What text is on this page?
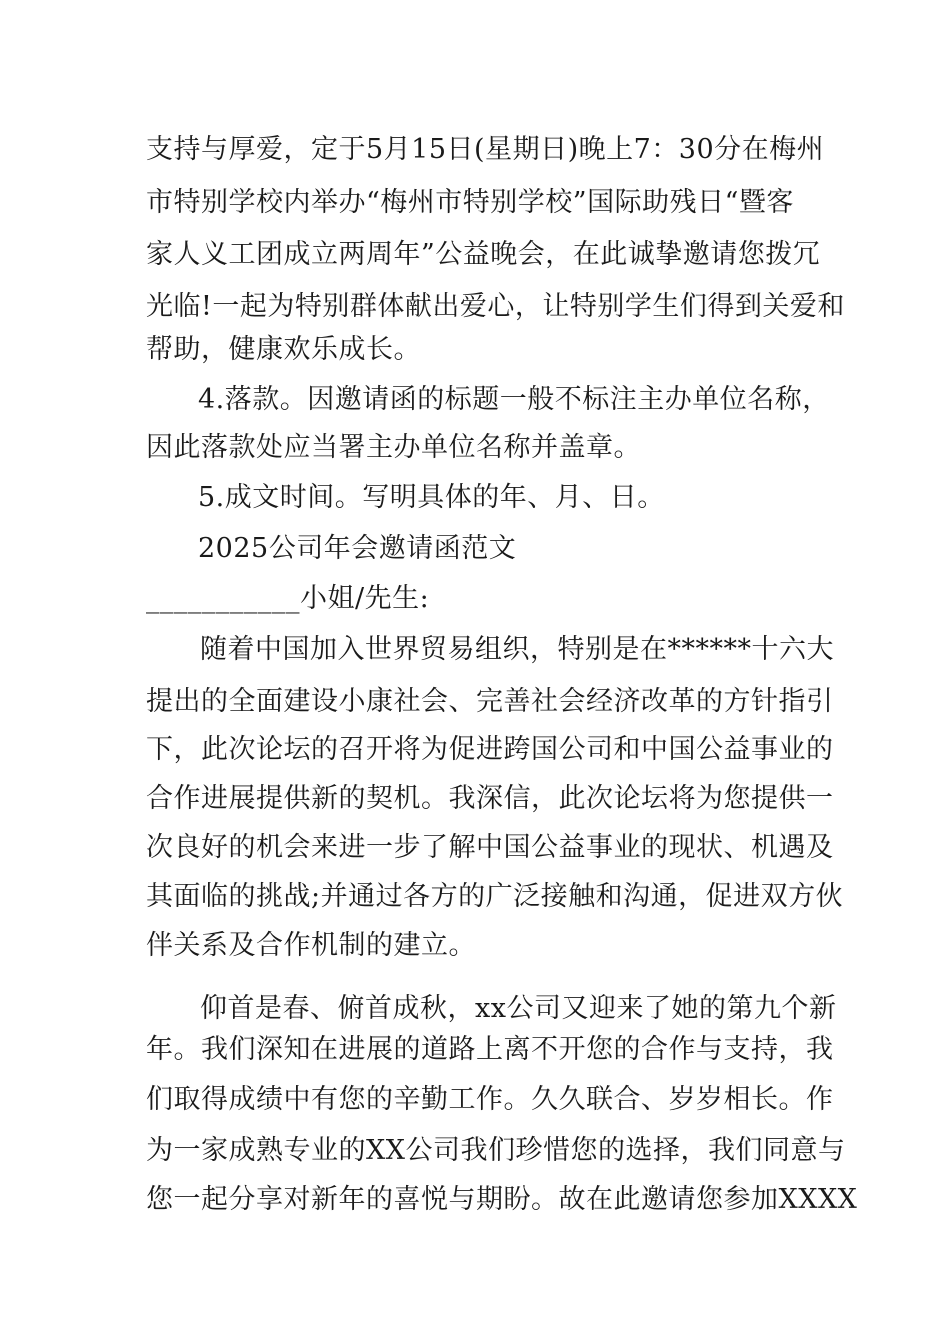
支持与厚爱，定于5月15日(星期日)晚上7：30分在梅州
市特别学校内举办“梅州市特别学校”国际助残日“暨客
家人义工团成立两周年”公益晚会，在此诚挚邀请您拨冗
光临!一起为特别群体献出爱心，让特别学生们得到关爱和
帮助，健康欢乐成长。
4.落款。因邀请函的标题一般不标注主办单位名称，
因此落款处应当署主办单位名称并盖章。
5.成文时间。写明具体的年、月、日。
2025公司年会邀请函范文
___________小姐/先生:
随着中国加入世界贸易组织，特别是在******十六大
提出的全面建设小康社会、完善社会经济改革的方针指引
下，此次论坛的召开将为促进跨国公司和中国公益事业的
合作进展提供新的契机。我深信，此次论坛将为您提供一
次良好的机会来进一步了解中国公益事业的现状、机遇及
其面临的挑战;并通过各方的广泛接触和沟通，促进双方伙
伴关系及合作机制的建立。
仰首是春、俯首成秋，xx公司又迎来了她的第九个新
年。我们深知在进展的道路上离不开您的合作与支持，我
们取得成绩中有您的辛勤工作。久久联合、岁岁相长。作
为一家成熟专业的XX公司我们珍惜您的选择，我们同意与
您一起分享对新年的喜悦与期盼。故在此邀请您参加XXXX
